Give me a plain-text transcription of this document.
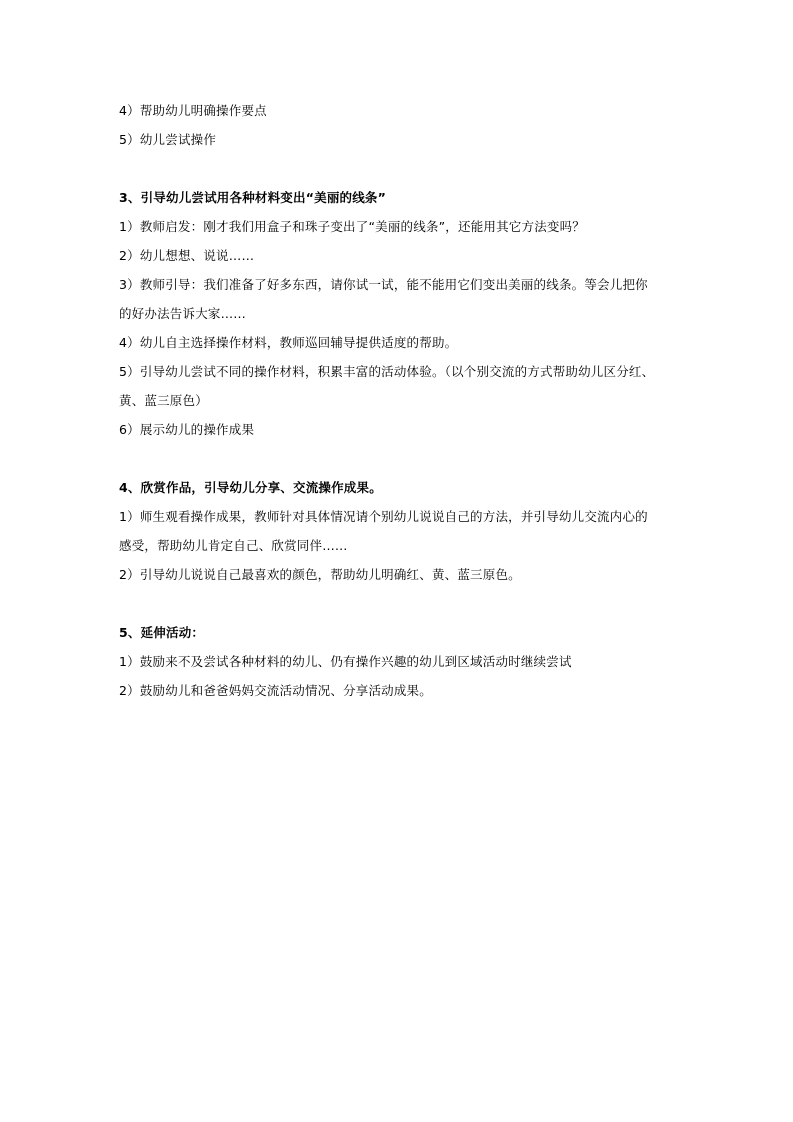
4）帮助幼儿明确操作要点
5）幼儿尝试操作
3、引导幼儿尝试用各种材料变出“美丽的线条”
1）教师启发：刚才我们用盒子和珠子变出了“美丽的线条”，还能用其它方法变吗？
2）幼儿想想、说说……
3）教师引导：我们准备了好多东西，请你试一试，能不能用它们变出美丽的线条。等会儿把你
的好办法告诉大家……
4）幼儿自主选择操作材料，教师巡回辅导提供适度的帮助。
5）引导幼儿尝试不同的操作材料，积累丰富的活动体验。（以个别交流的方式帮助幼儿区分红、
黄、蓝三原色）
6）展示幼儿的操作成果
4、欣赏作品，引导幼儿分享、交流操作成果。
1）师生观看操作成果，教师针对具体情况请个别幼儿说说自己的方法，并引导幼儿交流内心的
感受，帮助幼儿肯定自己、欣赏同伴……
2）引导幼儿说说自己最喜欢的颜色，帮助幼儿明确红、黄、蓝三原色。
5、延伸活动：
1）鼓励来不及尝试各种材料的幼儿、仍有操作兴趣的幼儿到区域活动时继续尝试
2）鼓励幼儿和爸爸妈妈交流活动情况、分享活动成果。
